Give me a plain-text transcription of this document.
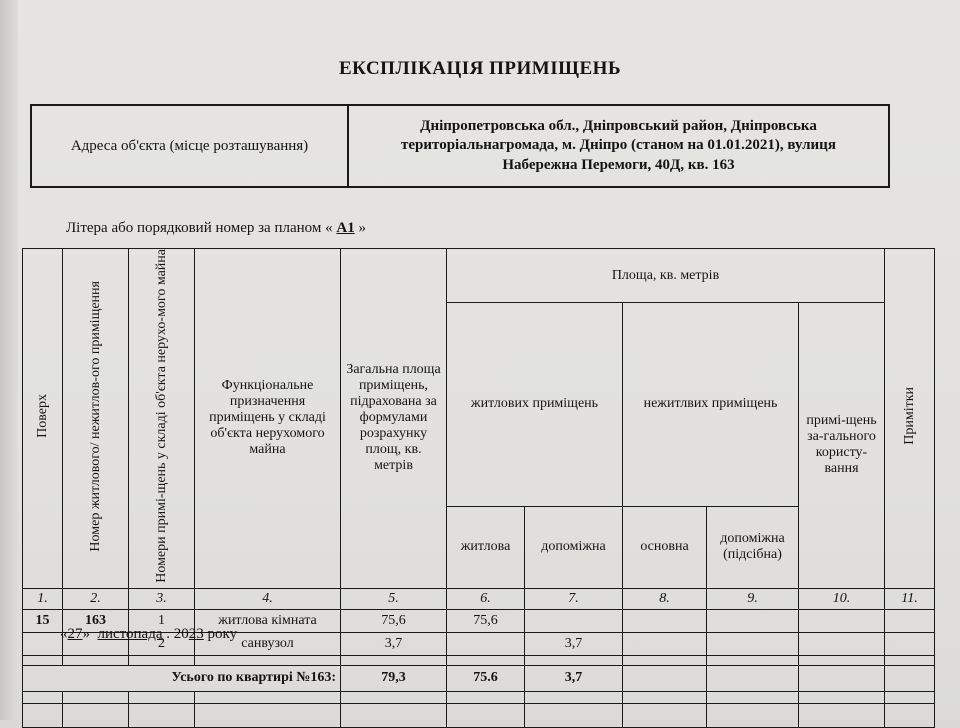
ЕКСПЛІКАЦІЯ ПРИМІЩЕНЬ
Адреса об'єкта (місце розташування)
Дніпропетровська обл., Дніпровський район, Дніпровська
територіальнагромада, м. Дніпро (станом на 01.01.2021), вулиця
Набережна Перемоги, 40Д, кв. 163
Літера або порядковий номер за планом « А1 »
Поверх	Номер житлового/ нежитлов-ого приміщення	Номери примі-щень у складі об'єкта нерухо-мого майна	Функціональне призначення приміщень у складі об'єкта нерухомого майна	Загальна площа приміщень, підрахована за формулами розрахунку площ, кв. метрів	Площа, кв. метрів					Примітки
					житлових приміщень		нежитлвих приміщень		примі-щень за-гального користу-вання	
					житлова	допоміжна	основна	допоміжна (підсібна)		
1.	2.	3.	4.	5.	6.	7.	8.	9.	10.	11.
15	163	1	житлова кімната	75,6	75,6					
		2	санвузол	3,7		3,7				

Усього по квартирі №163:				79,3	75.6	3,7				

«27»  листопада . 2023 року
